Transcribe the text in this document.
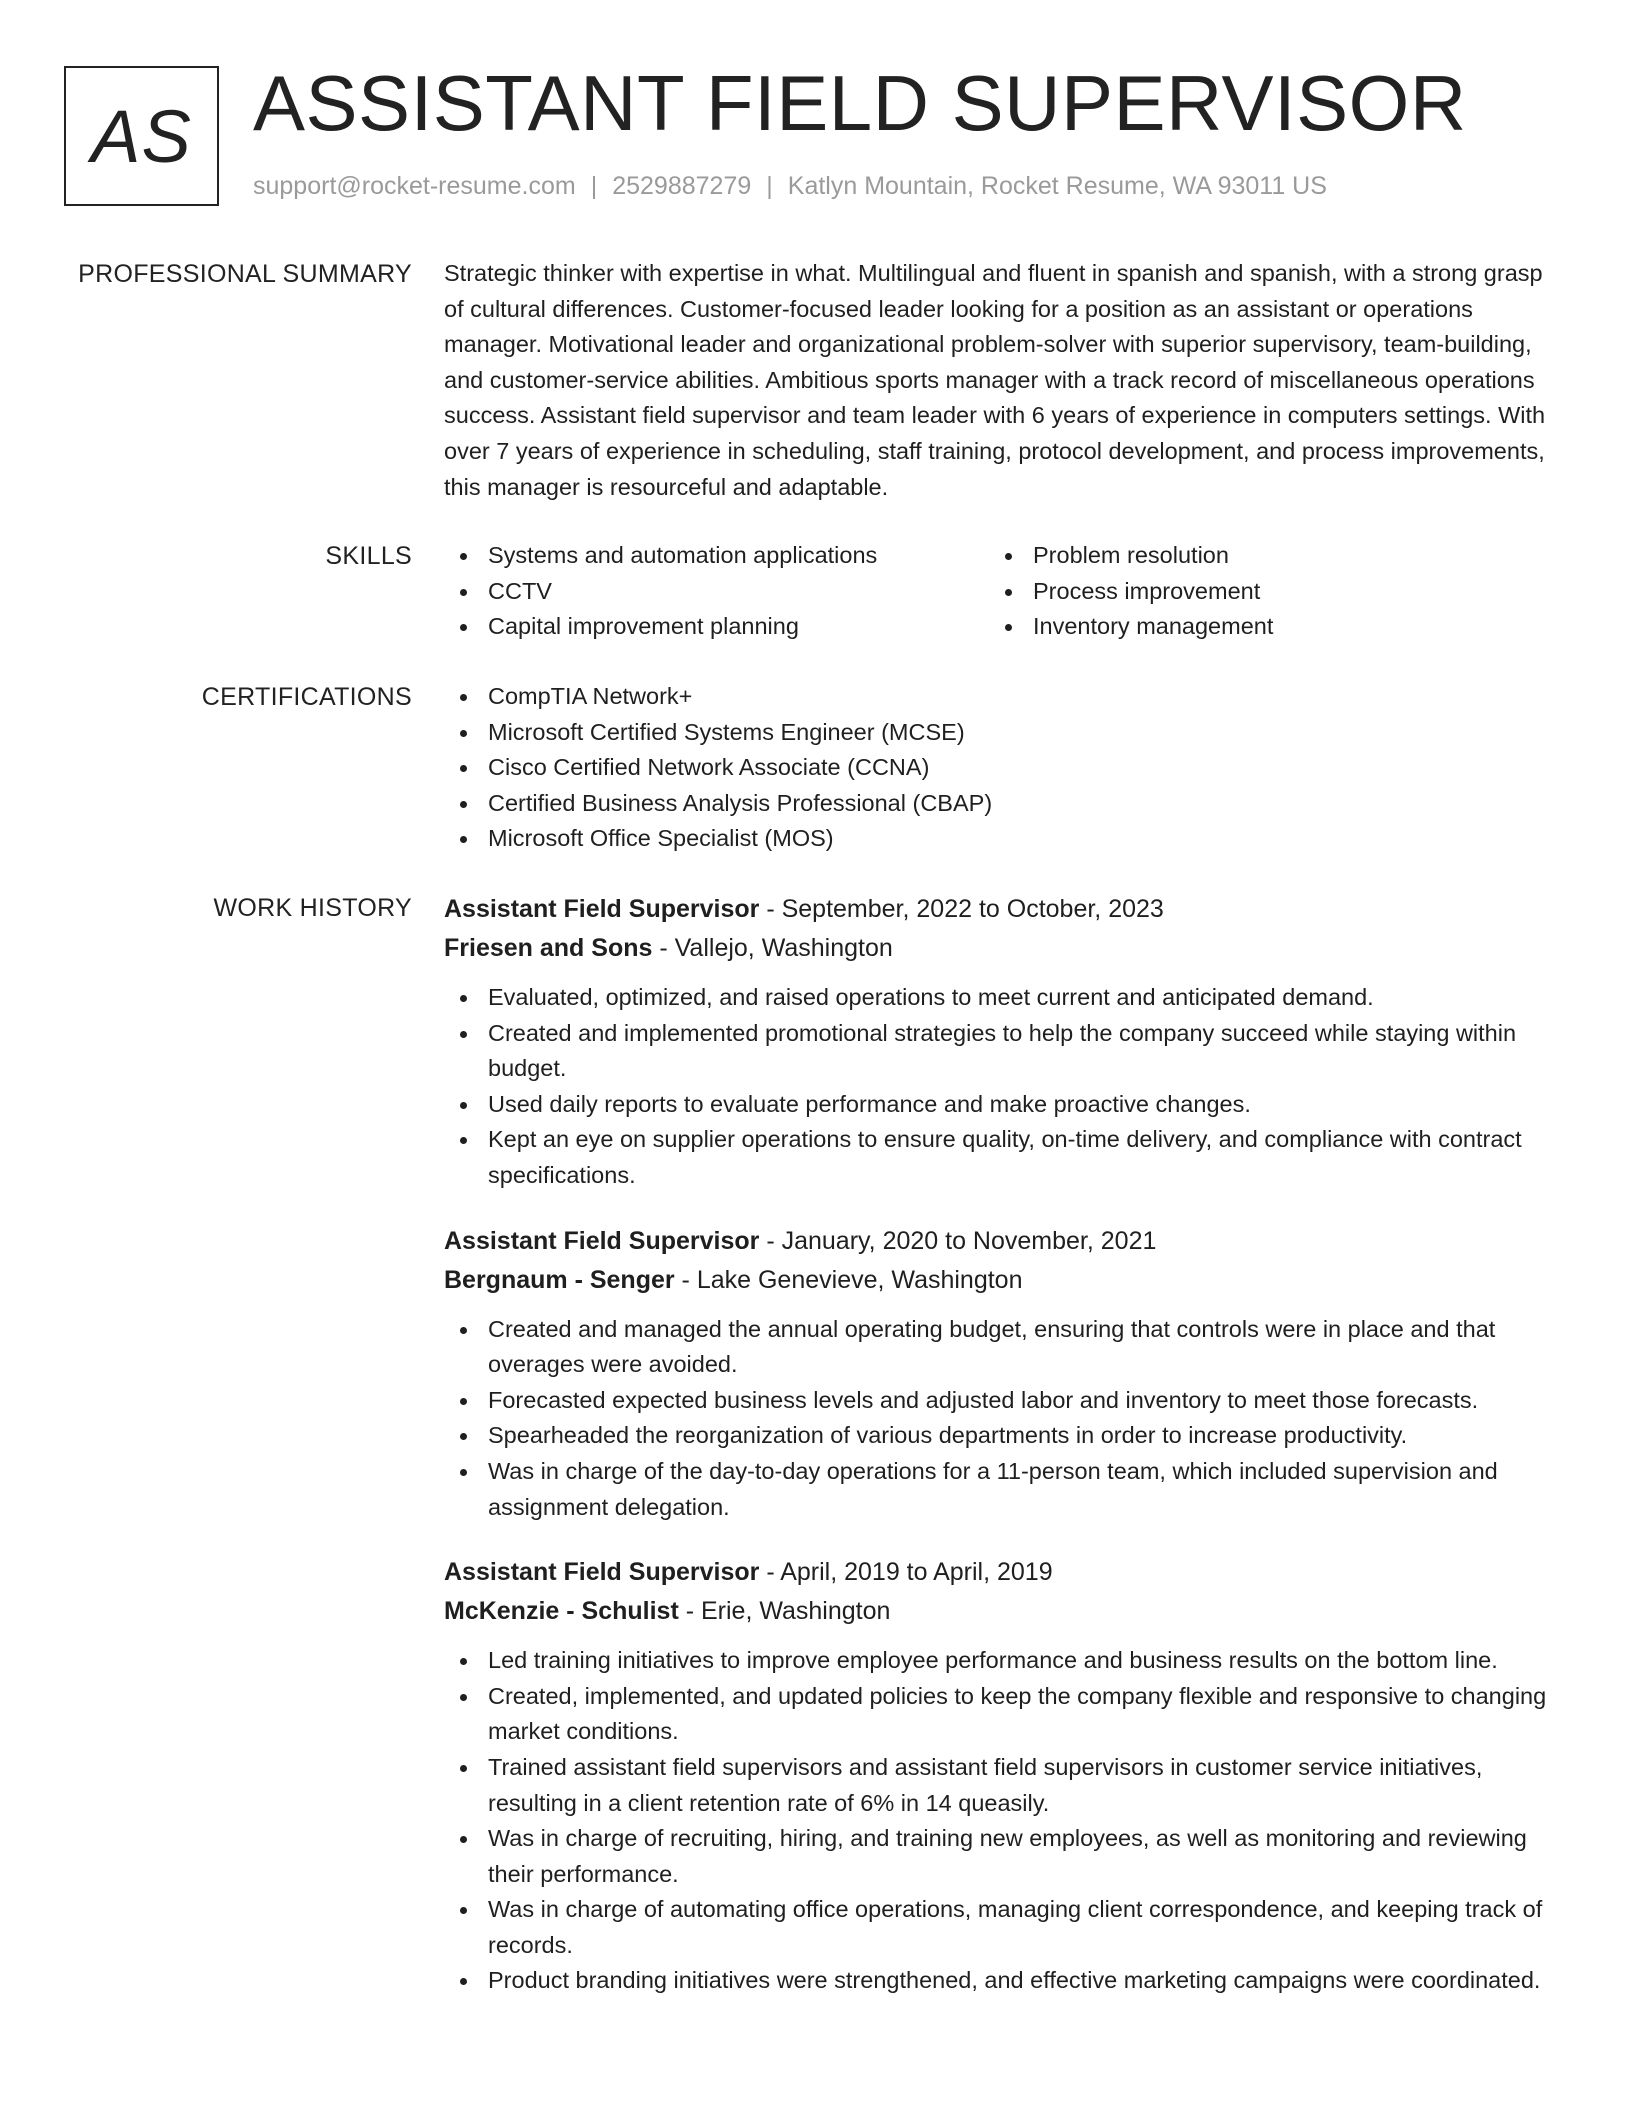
AS ASSISTANT FIELD SUPERVISOR
support@rocket-resume.com | 2529887279 | Katlyn Mountain, Rocket Resume, WA 93011 US
PROFESSIONAL SUMMARY Strategic thinker with expertise in what. Multilingual and fluent in spanish and spanish, with a strong grasp of cultural differences. Customer-focused leader looking for a position as an assistant or operations manager. Motivational leader and organizational problem-solver with superior supervisory, team-building, and customer-service abilities. Ambitious sports manager with a track record of miscellaneous operations success. Assistant field supervisor and team leader with 6 years of experience in computers settings. With over 7 years of experience in scheduling, staff training, protocol development, and process improvements, this manager is resourceful and adaptable.

SKILLS	Systems and automation applications
CCTV
Capital improvement planning
Problem resolution
Process improvement
Inventory management
CERTIFICATIONS	CompTIA Network+
Microsoft Certified Systems Engineer (MCSE)
Cisco Certified Network Associate (CCNA)
Certified Business Analysis Professional (CBAP)
Microsoft Office Specialist (MOS)
WORK HISTORY Assistant Field Supervisor - September, 2022 to October, 2023
Friesen and Sons - Vallejo, Washington
Evaluated, optimized, and raised operations to meet current and anticipated demand.
Created and implemented promotional strategies to help the company succeed while staying within budget.
Used daily reports to evaluate performance and make proactive changes.
Kept an eye on supplier operations to ensure quality, on-time delivery, and compliance with contract specifications.
Assistant Field Supervisor - January, 2020 to November, 2021
Bergnaum - Senger - Lake Genevieve, Washington
Created and managed the annual operating budget, ensuring that controls were in place and that overages were avoided.
Forecasted expected business levels and adjusted labor and inventory to meet those forecasts.
Spearheaded the reorganization of various departments in order to increase productivity.
Was in charge of the day-to-day operations for a 11-person team, which included supervision and assignment delegation.
Assistant Field Supervisor - April, 2019 to April, 2019
McKenzie - Schulist - Erie, Washington
Led training initiatives to improve employee performance and business results on the bottom line.
Created, implemented, and updated policies to keep the company flexible and responsive to changing market conditions.
Trained assistant field supervisors and assistant field supervisors in customer service initiatives, resulting in a client retention rate of 6% in 14 queasily.
Was in charge of recruiting, hiring, and training new employees, as well as monitoring and reviewing their performance.
Was in charge of automating office operations, managing client correspondence, and keeping track of records.
Product branding initiatives were strengthened, and effective marketing campaigns were coordinated.
